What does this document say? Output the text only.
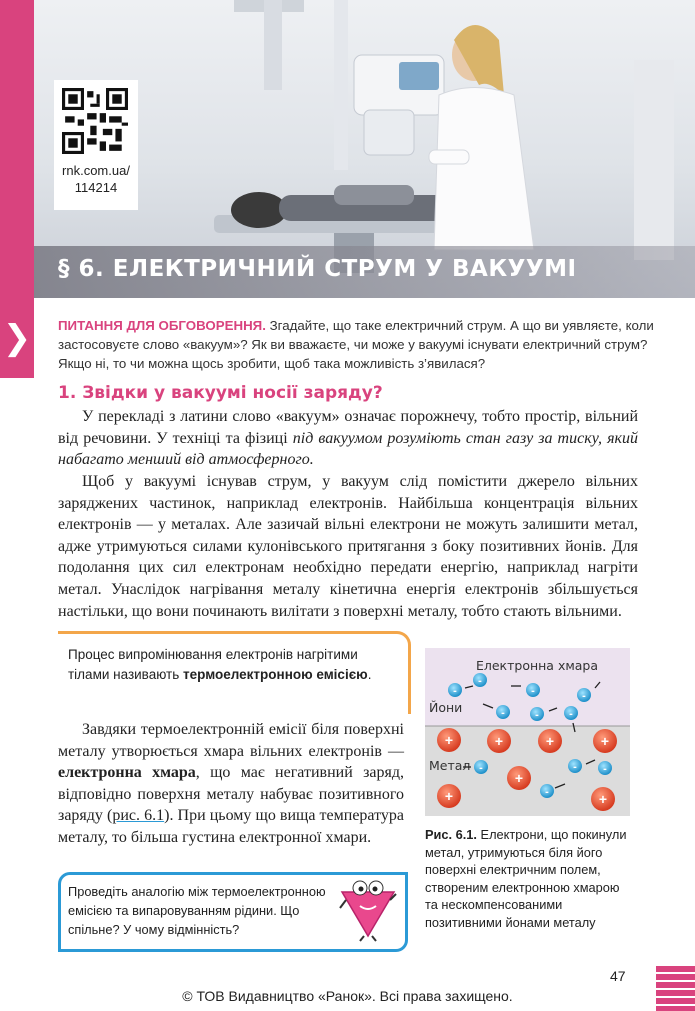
❯
§ 6. ЕЛЕКТРИЧНИЙ СТРУМ У ВАКУУМІ
rnk.com.ua/
114214
ПИТАННЯ ДЛЯ ОБГОВОРЕННЯ. Згадайте, що таке електричний струм. А що ви уявляєте, коли застосовуєте слово «вакуум»? Як ви вважаєте, чи може у вакуумі існувати електричний струм? Якщо ні, то чи можна щось зробити, щоб така можливість з’явилася?
1. Звідки у вакуумі носії заряду?

У перекладі з латини слово «вакуум» означає порожнечу, тобто простір, вільний від речовини. У техніці та фізиці під вакуумом розуміють стан газу за тиску, який набагато менший від атмосферного.

Щоб у вакуумі існував струм, у вакуум слід помістити джерело вільних заряджених частинок, наприклад електронів. Найбільша концентрація вільних електронів — у металах. Але зазичай вільні електрони не можуть залишити метал, адже утримуються силами кулонівського притягання з боку позитивних йонів. Для подолання цих сил електронам необхідно передати енергію, наприклад нагріти метал. Унаслідок нагрівання металу кінетична енергія електронів збільшується настільки, що вони починають вилітати з поверхні металу, тобто стають вільними.

Процес випромінювання електронів нагрітими тілами називають термоелектронною емісією.

Завдяки термоелектронній емісії біля поверхні металу утворюється хмара вільних електронів — електронна хмара, що має негативний заряд, відповідно поверхня металу набуває позитивного заряду (рис. 6.1). При цьому що вища температура металу, то більша густина електронної хмари.

Електронна хмара
Йони
Метал
-
-
-	-
-	-	-
-	-
-
-
+	+	+	+
+
+	+
Рис. 6.1. Електрони, що покинули метал, утримуються біля його поверхні електричним полем, створеним електронною хмарою та нескомпенсованими позитивними йонами металу
Проведіть аналогію між термоелектронною емісією та випаровуванням рідини. Що спільне? У чому відмінність?
47
© ТОВ Видавництво «Ранок». Всі права захищено.
